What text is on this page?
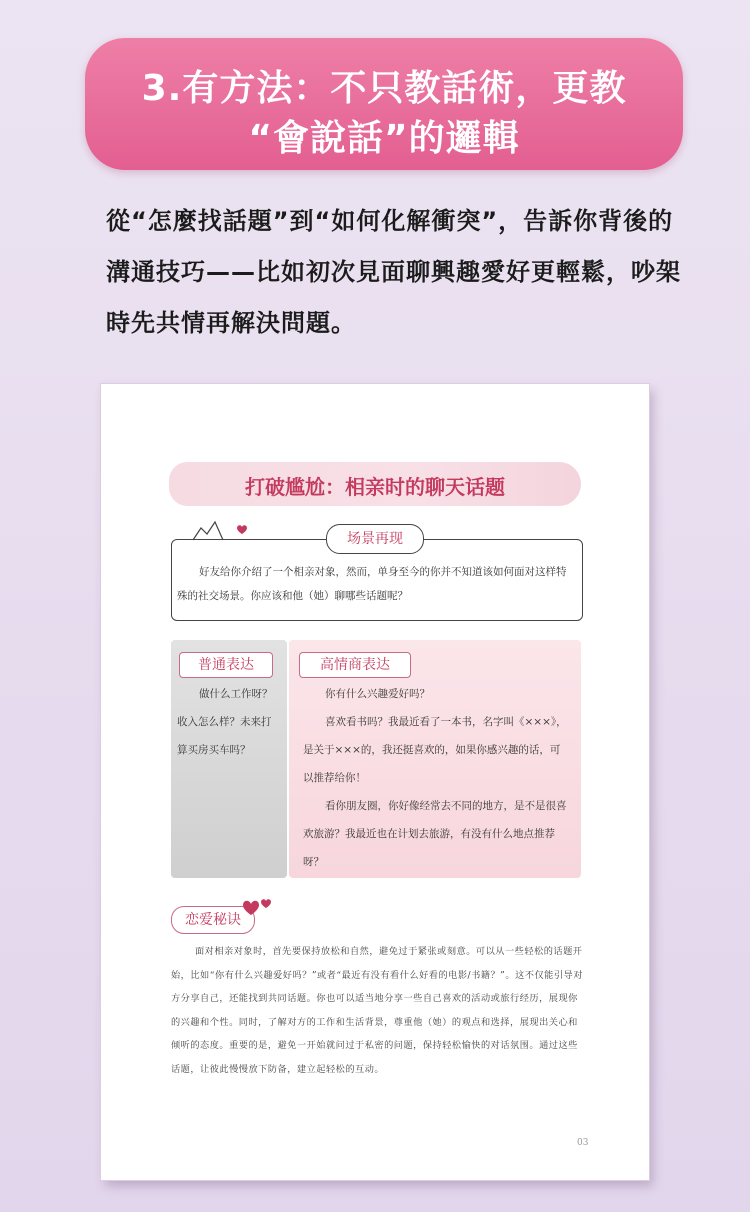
3.有方法：不只教話術，更教
“會說話”的邏輯
從“怎麼找話題”到“如何化解衝突”，告訴你背後的溝通技巧——比如初次見面聊興趣愛好更輕鬆，吵架時先共情再解決問題。
打破尴尬：相亲时的聊天话题
场景再现
好友给你介绍了一个相亲对象，然而，单身至今的你并不知道该如何面对这样特殊的社交场景。你应该和他（她）聊哪些话题呢？
普通表达	高情商表达

做什么工作呀？收入怎么样？未来打算买房买车吗？

你有什么兴趣爱好吗？

喜欢看书吗？我最近看了一本书，名字叫《×××》，是关于×××的，我还挺喜欢的，如果你感兴趣的话，可以推荐给你！

看你朋友圈，你好像经常去不同的地方，是不是很喜欢旅游？我最近也在计划去旅游，有没有什么地点推荐呀？

恋爱秘诀
面对相亲对象时，首先要保持放松和自然，避免过于紧张或刻意。可以从一些轻松的话题开始，比如“你有什么兴趣爱好吗？”或者“最近有没有看什么好看的电影/书籍？”。这不仅能引导对方分享自己，还能找到共同话题。你也可以适当地分享一些自己喜欢的活动或旅行经历，展现你的兴趣和个性。同时，了解对方的工作和生活背景，尊重他（她）的观点和选择，展现出关心和倾听的态度。重要的是，避免一开始就问过于私密的问题，保持轻松愉快的对话氛围。通过这些话题，让彼此慢慢放下防备，建立起轻松的互动。
03
